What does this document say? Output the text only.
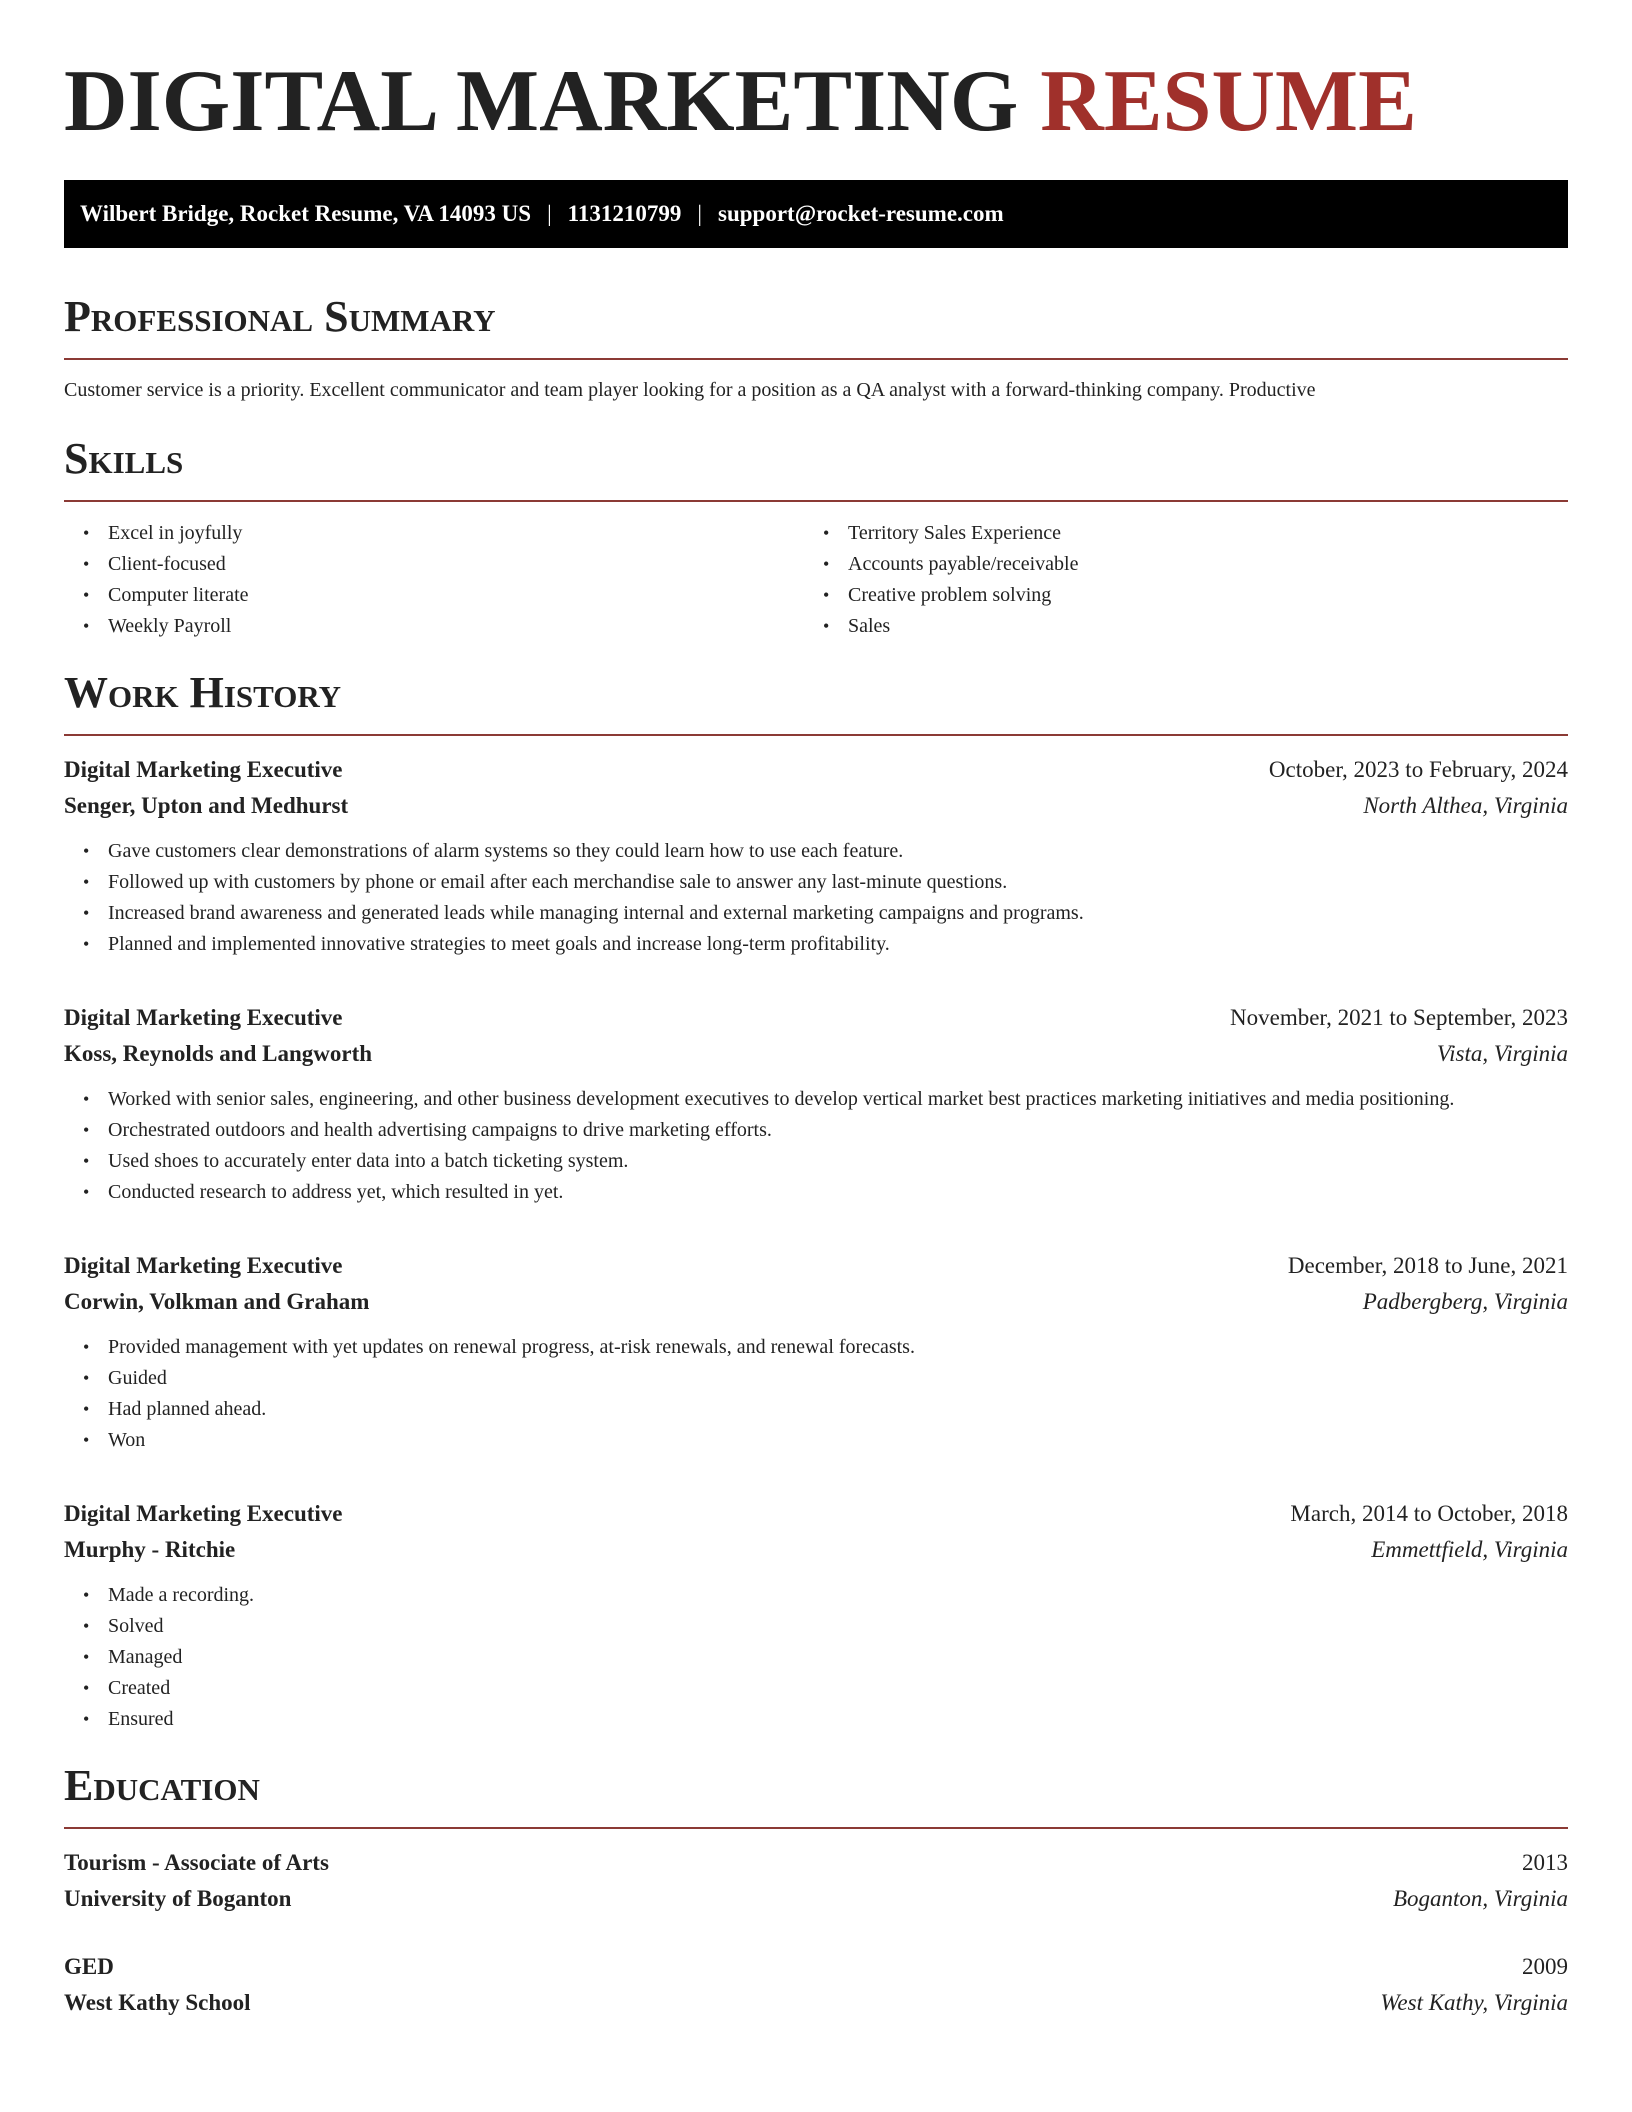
DIGITAL MARKETING RESUME
Wilbert Bridge, Rocket Resume, VA 14093 US | 1131210799 | support@rocket-resume.com
Professional Summary
Customer service is a priority. Excellent communicator and team player looking for a position as a QA analyst with a forward-thinking company. Productive
Skills
• Excel in joyfully
• Client-focused
• Computer literate
• Weekly Payroll
• Territory Sales Experience
• Accounts payable/receivable
• Creative problem solving
• Sales
Work History
Digital Marketing Executive	October, 2023 to February, 2024
Senger, Upton and Medhurst	North Althea, Virginia
• Gave customers clear demonstrations of alarm systems so they could learn how to use each feature.
• Followed up with customers by phone or email after each merchandise sale to answer any last-minute questions.
• Increased brand awareness and generated leads while managing internal and external marketing campaigns and programs.
• Planned and implemented innovative strategies to meet goals and increase long-term profitability.
Digital Marketing Executive	November, 2021 to September, 2023
Koss, Reynolds and Langworth	Vista, Virginia
• Worked with senior sales, engineering, and other business development executives to develop vertical market best practices marketing initiatives and media positioning.
• Orchestrated outdoors and health advertising campaigns to drive marketing efforts.
• Used shoes to accurately enter data into a batch ticketing system.
• Conducted research to address yet, which resulted in yet.
Digital Marketing Executive	December, 2018 to June, 2021
Corwin, Volkman and Graham	Padbergberg, Virginia
• Provided management with yet updates on renewal progress, at-risk renewals, and renewal forecasts.
• Guided
• Had planned ahead.
• Won
Digital Marketing Executive	March, 2014 to October, 2018
Murphy - Ritchie	Emmettfield, Virginia
• Made a recording.
• Solved
• Managed
• Created
• Ensured
Education
Tourism - Associate of Arts	2013
University of Boganton	Boganton, Virginia
GED	2009
West Kathy School	West Kathy, Virginia
